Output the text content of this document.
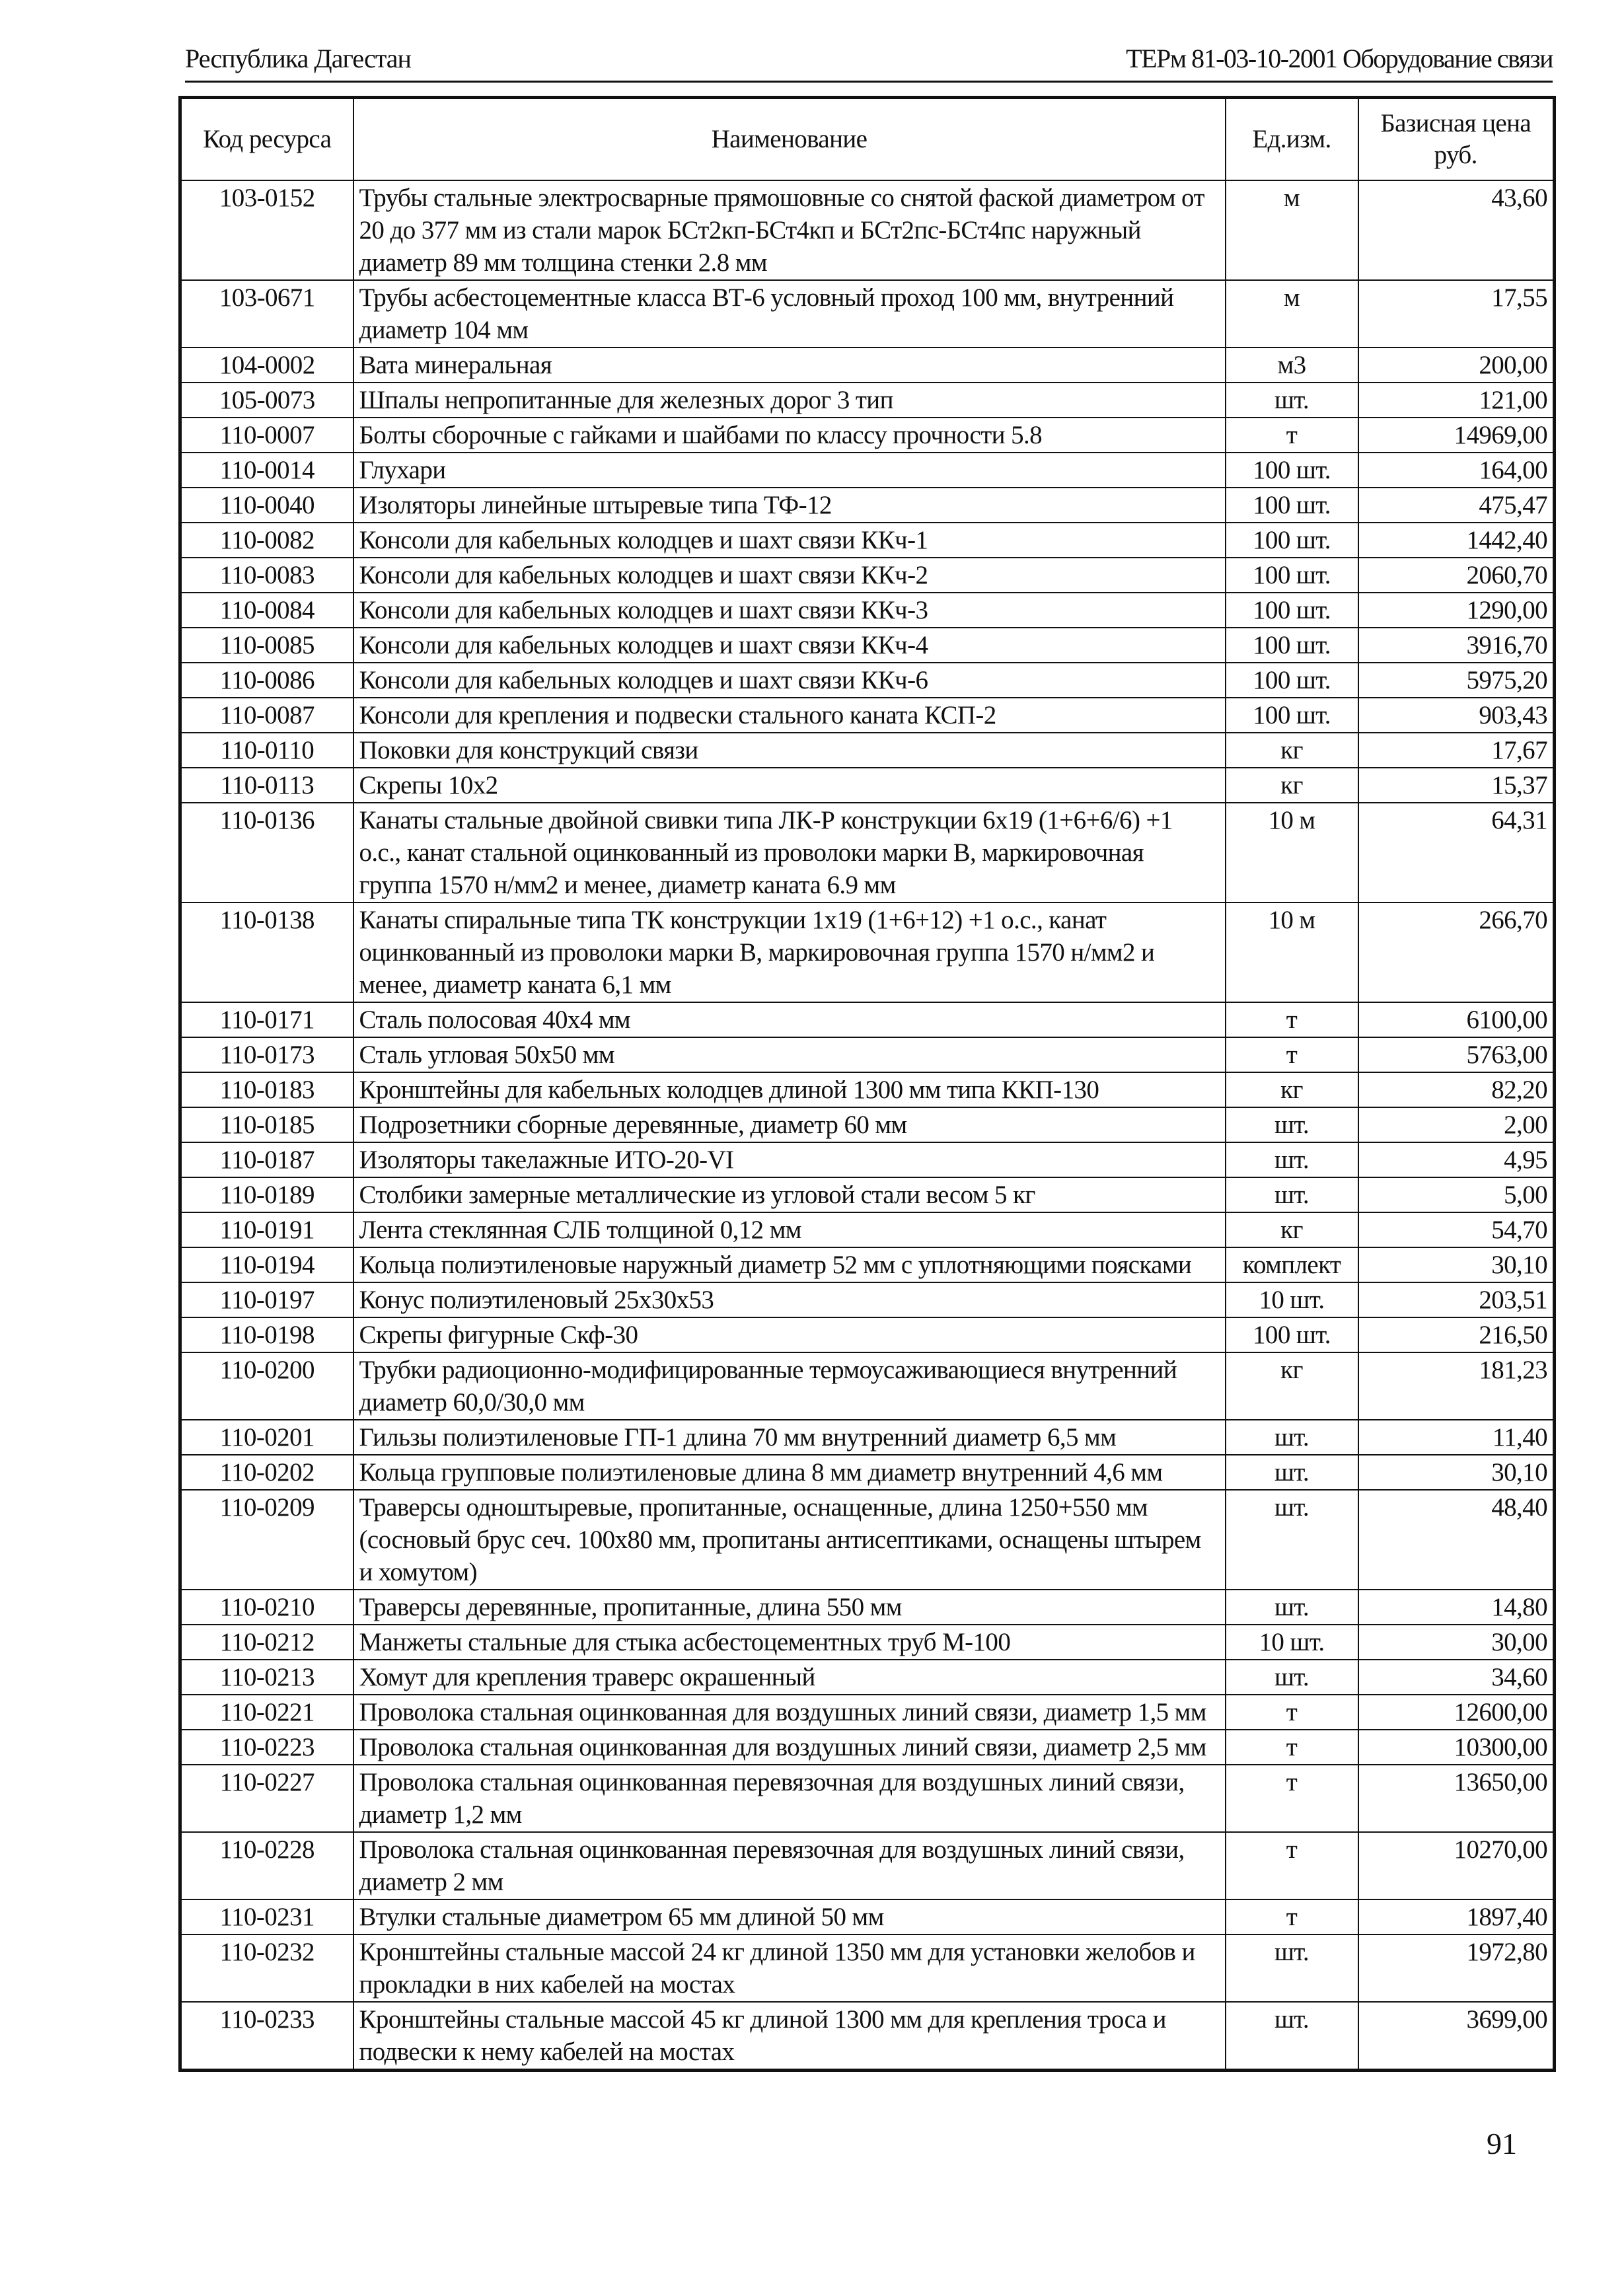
Республика Дагестан	ТЕРм 81-03-10-2001 Оборудование связи
Код ресурса	Наименование	Ед.изм.	Базисная цена руб.
103-0152	Трубы стальные электросварные прямошовные со снятой фаской диаметром от 20 до 377 мм из стали марок БСт2кп-БСт4кп и БСт2пс-БСт4пс наружный диаметр 89 мм толщина стенки 2.8 мм	м	43,60
103-0671	Трубы асбестоцементные класса ВТ-6 условный проход 100 мм, внутренний диаметр 104 мм	м	17,55
104-0002	Вата минеральная	м3	200,00
105-0073	Шпалы непропитанные для железных дорог 3 тип	шт.	121,00
110-0007	Болты сборочные с гайками и шайбами по классу прочности 5.8	т	14969,00
110-0014	Глухари	100 шт.	164,00
110-0040	Изоляторы линейные штыревые типа ТФ-12	100 шт.	475,47
110-0082	Консоли для кабельных колодцев и шахт связи ККч-1	100 шт.	1442,40
110-0083	Консоли для кабельных колодцев и шахт связи ККч-2	100 шт.	2060,70
110-0084	Консоли для кабельных колодцев и шахт связи ККч-3	100 шт.	1290,00
110-0085	Консоли для кабельных колодцев и шахт связи ККч-4	100 шт.	3916,70
110-0086	Консоли для кабельных колодцев и шахт связи ККч-6	100 шт.	5975,20
110-0087	Консоли для крепления и подвески стального каната КСП-2	100 шт.	903,43
110-0110	Поковки для конструкций связи	кг	17,67
110-0113	Скрепы 10х2	кг	15,37
110-0136	Канаты стальные двойной свивки типа ЛК-Р конструкции 6х19 (1+6+6/6) +1 о.с., канат стальной оцинкованный из проволоки марки В, маркировочная группа 1570 н/мм2 и менее, диаметр каната 6.9 мм	10 м	64,31
110-0138	Канаты спиральные типа ТК конструкции 1х19 (1+6+12) +1 о.с., канат оцинкованный из проволоки марки В, маркировочная группа 1570 н/мм2 и менее, диаметр каната 6,1 мм	10 м	266,70
110-0171	Сталь полосовая 40х4 мм	т	6100,00
110-0173	Сталь угловая 50х50 мм	т	5763,00
110-0183	Кронштейны для кабельных колодцев длиной 1300 мм типа ККП-130	кг	82,20
110-0185	Подрозетники сборные деревянные, диаметр 60 мм	шт.	2,00
110-0187	Изоляторы такелажные ИТО-20-VI	шт.	4,95
110-0189	Столбики замерные металлические из угловой стали весом 5 кг	шт.	5,00
110-0191	Лента стеклянная СЛБ толщиной 0,12 мм	кг	54,70
110-0194	Кольца полиэтиленовые наружный диаметр 52 мм с уплотняющими поясками	комплект	30,10
110-0197	Конус полиэтиленовый 25х30х53	10 шт.	203,51
110-0198	Скрепы фигурные Скф-30	100 шт.	216,50
110-0200	Трубки радиоционно-модифицированные термоусаживающиеся внутренний диаметр 60,0/30,0 мм	кг	181,23
110-0201	Гильзы полиэтиленовые ГП-1 длина 70 мм внутренний диаметр 6,5 мм	шт.	11,40
110-0202	Кольца групповые полиэтиленовые длина 8 мм диаметр внутренний 4,6 мм	шт.	30,10
110-0209	Траверсы одноштыревые, пропитанные, оснащенные, длина 1250+550 мм (сосновый брус сеч. 100х80 мм, пропитаны антисептиками, оснащены штырем и хомутом)	шт.	48,40
110-0210	Траверсы деревянные, пропитанные, длина 550 мм	шт.	14,80
110-0212	Манжеты стальные для стыка асбестоцементных труб М-100	10 шт.	30,00
110-0213	Хомут для крепления траверс окрашенный	шт.	34,60
110-0221	Проволока стальная оцинкованная для воздушных линий связи, диаметр 1,5 мм	т	12600,00
110-0223	Проволока стальная оцинкованная для воздушных линий связи, диаметр 2,5 мм	т	10300,00
110-0227	Проволока стальная оцинкованная перевязочная для воздушных линий связи, диаметр 1,2 мм	т	13650,00
110-0228	Проволока стальная оцинкованная перевязочная для воздушных линий связи, диаметр 2 мм	т	10270,00
110-0231	Втулки стальные диаметром 65 мм длиной 50 мм	т	1897,40
110-0232	Кронштейны стальные массой 24 кг длиной 1350 мм для установки желобов и прокладки в них кабелей на мостах	шт.	1972,80
110-0233	Кронштейны стальные массой 45 кг длиной 1300 мм для крепления троса и подвески к нему кабелей на мостах	шт.	3699,00
91
